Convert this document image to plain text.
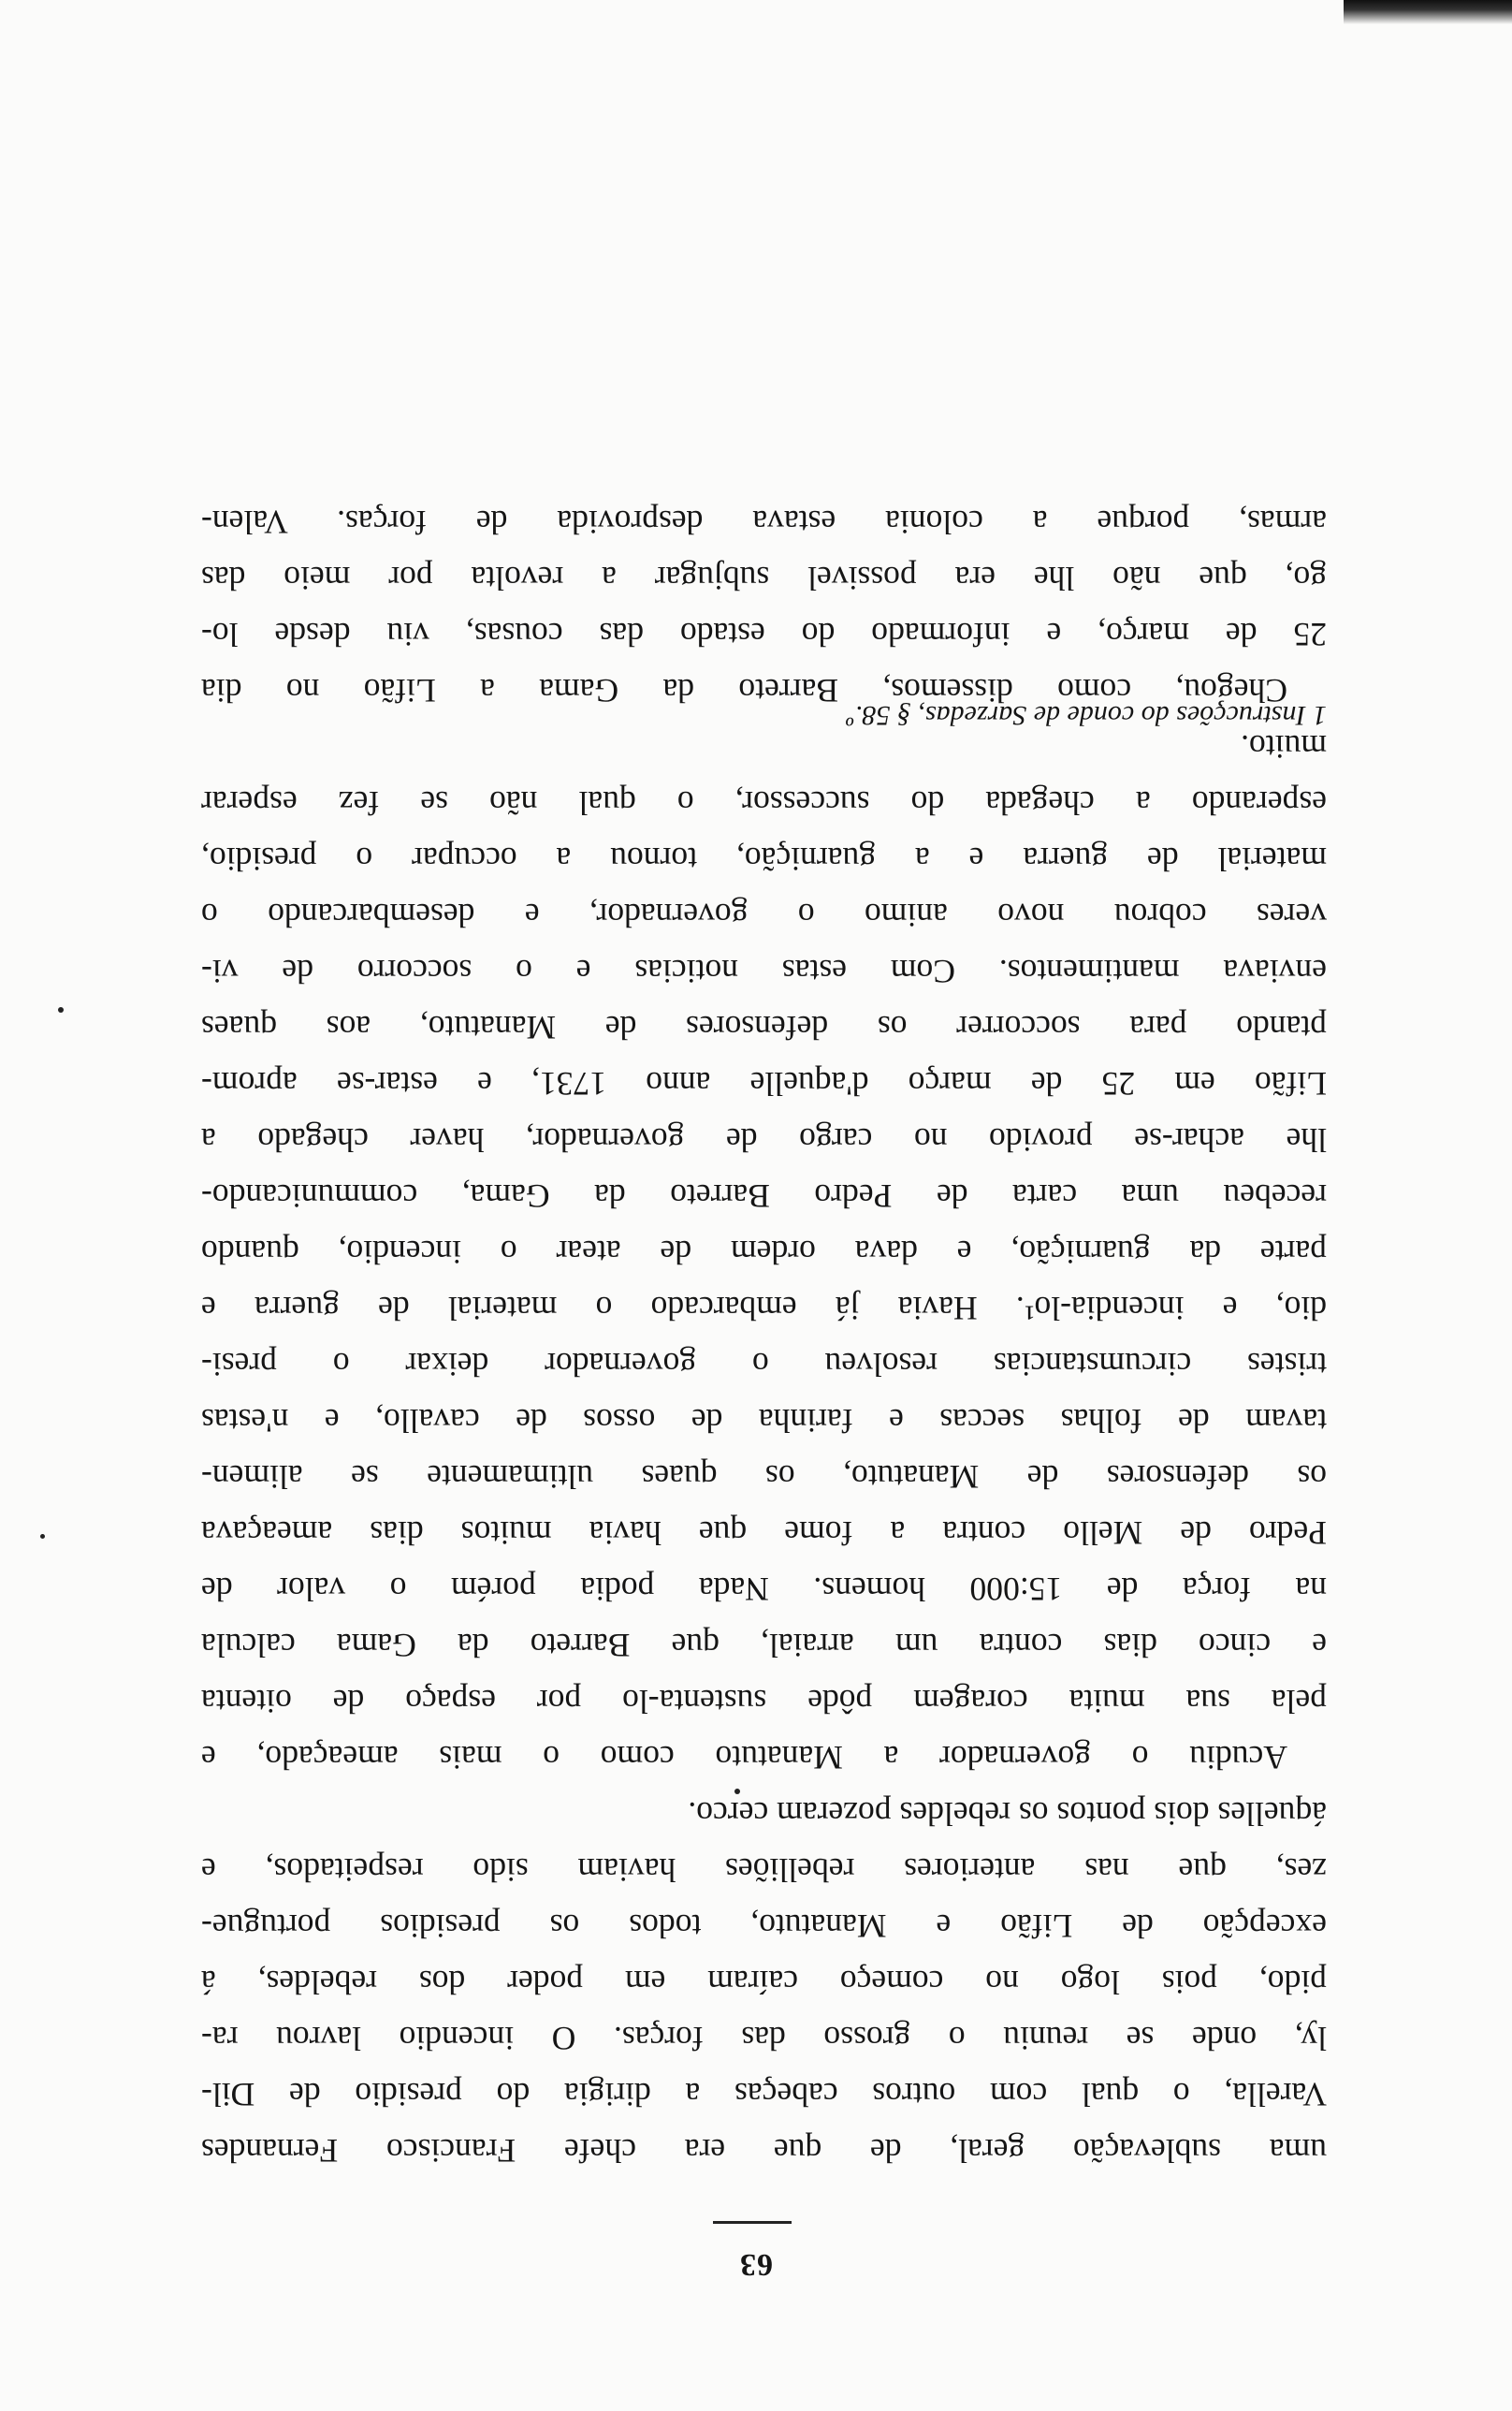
63
uma sublevação geral, de que era chefe Francisco Fernandes
Varella, o qual com outros cabeças a dirigia do presidio de Dil-
ly, onde se reuniu o grosso das forças. O incendio lavrou ra-
pido, pois logo no começo caíram em poder dos rebeldes, á
excepção de Lifão e Manatuto, todos os presidios portugue-
zes, que nas anteriores rebelliões haviam sido respeitados, e
áquelles dois pontos os rebeldes pozeram cerco.
Acudiu o governador a Manatuto como o mais ameaçado, e
pela sua muita coragem pôde sustenta-lo por espaço de oitenta
e cinco dias contra um arraial, que Barreto da Gama calcula
na força de 15:000 homens. Nada podia porém o valor de
Pedro de Mello contra a fome que havia muitos dias ameaçava
os defensores de Manatuto, os quaes ultimamente se alimen-
tavam de folhas seccas e farinha de ossos de cavallo, e n'estas
tristes circumstancias resolveu o governador deixar o presi-
dio, e incendia-lo¹. Havia já embarcado o material de guerra e
parte da guarnição, e dava ordem de atear o incendio, quando
recebeu uma carta de Pedro Barreto da Gama, communicando-
lhe achar-se provido no cargo de governador, haver chegado a
Lifão em 25 de março d'aquelle anno 1731, e estar-se aprom-
ptando para soccorrer os defensores de Manatuto, aos quaes
enviava mantimentos. Com estas noticias e o soccorro de vi-
veres cobrou novo animo o governador, e desembarcando o
material de guerra e a guarnição, tornou a occupar o presidio,
esperando a chegada do successor, o qual não se fez esperar
muito.
Chegou, como dissemos, Barreto da Gama a Lifão no dia
25 de março, e informado do estado das cousas, viu desde lo-
go, que não lhe era possivel subjugar a revolta por meio das
armas, porque a colonia estava desprovida de forças. Valen-
1 Instrucções do conde de Sarzedas, § 58.º
